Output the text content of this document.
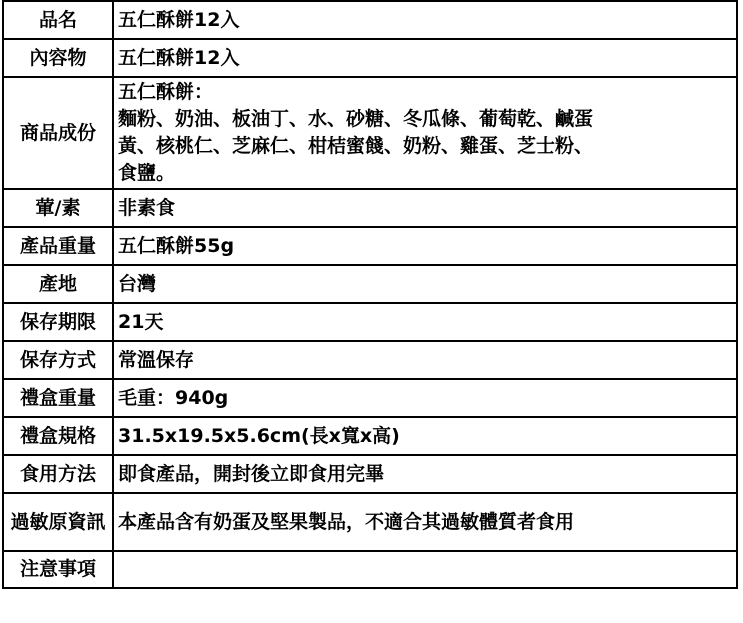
品名	五仁酥餅12入
內容物	五仁酥餅12入
商品成份	五仁酥餅：
麵粉、奶油、板油丁、水、砂糖、冬瓜條、葡萄乾、鹹蛋
黃、核桃仁、芝麻仁、柑桔蜜餞、奶粉、雞蛋、芝士粉、
食鹽。

葷/素	非素食
產品重量	五仁酥餅55g
產地	台灣
保存期限	21天
保存方式	常溫保存
禮盒重量	毛重：940g
禮盒規格	31.5x19.5x5.6cm(長x寬x高)
食用方法	即食產品，開封後立即食用完畢
過敏原資訊	本產品含有奶蛋及堅果製品，不適合其過敏體質者食用
注意事項	
